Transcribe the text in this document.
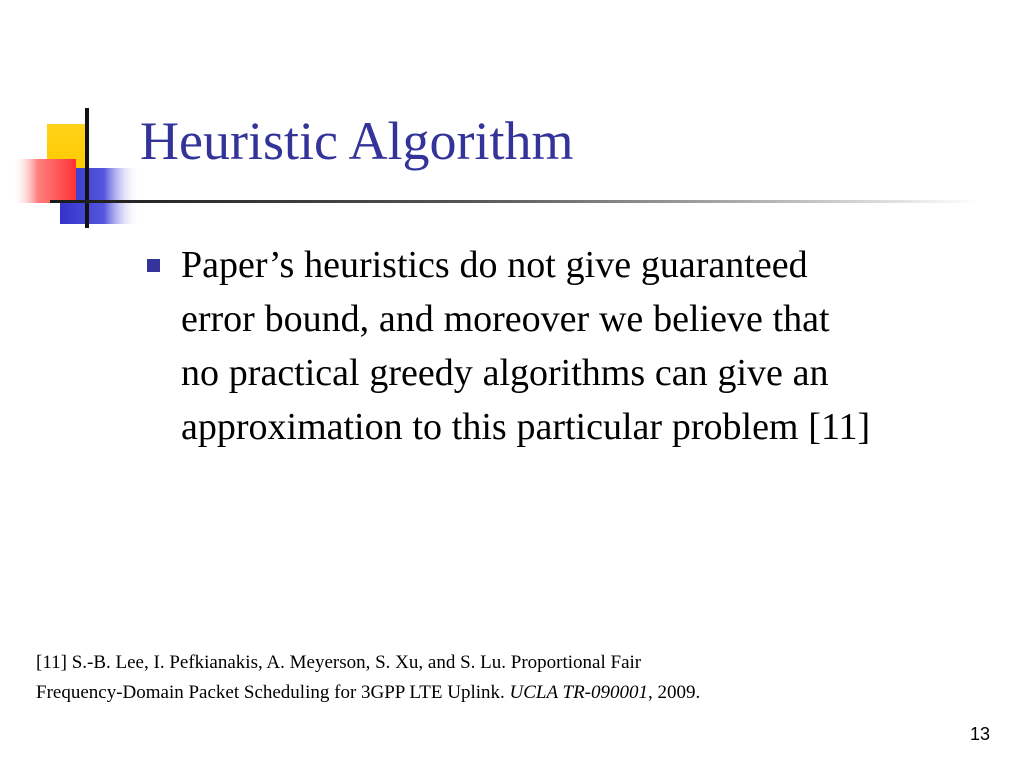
Heuristic Algorithm
Paper’s heuristics do not give guaranteed
error bound, and moreover we believe that
no practical greedy algorithms can give an
approximation to this particular problem [11]
[11] S.-B. Lee, I. Pefkianakis, A. Meyerson, S. Xu, and S. Lu. Proportional Fair
Frequency-Domain Packet Scheduling for 3GPP LTE Uplink. UCLA TR-090001, 2009.
13
